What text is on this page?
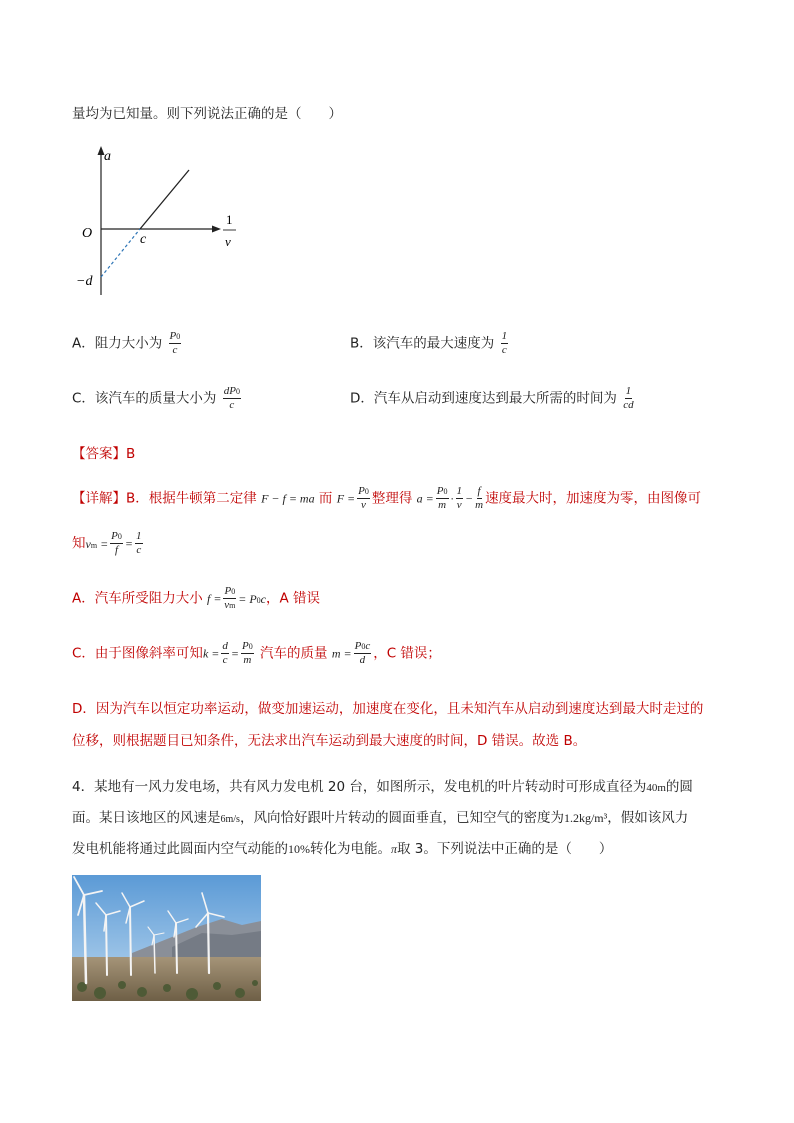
量均为已知量。则下列说法正确的是（　　）
a
O	c
−d
1
v
A．阻力大小为 $\frac{P0}{c}$	B．该汽车的最大速度为 $\frac{1}{c}$
C．该汽车的质量大小为 $\frac{dP0}{c}$	D．汽车从启动到速度达到最大所需的时间为 $\frac{1}{cd}$
【答案】B
【详解】B．根据牛顿第二定律 F − f = ma 而 $F = \frac{P0}{v}$ 整理得 $a = \frac{P0}{m} \cdot \frac{1}{v} - \frac{f}{m}$ 速度最大时，加速度为零，由图像可
知vm = $\frac{P0}{f} = \frac{1}{c}$
A．汽车所受阻力大小 $f = \frac{P0}{vm} = P0c$，A 错误
C．由于图像斜率可知$k = \frac{d}{c} = \frac{P0}{m}$ 汽车的质量 $m = \frac{P0c}{d}$ ，C 错误；
D．因为汽车以恒定功率运动，做变加速运动，加速度在变化，且未知汽车从启动到速度达到最大时走过的
位移，则根据题目已知条件，无法求出汽车运动到最大速度的时间，D 错误。故选 B。
4．某地有一风力发电场，共有风力发电机 20 台，如图所示，发电机的叶片转动时可形成直径为40m的圆
面。某日该地区的风速是6m/s，风向恰好跟叶片转动的圆面垂直，已知空气的密度为1.2kg/m³，假如该风力
发电机能将通过此圆面内空气动能的10%转化为电能。π取 3。下列说法中正确的是（　　）
